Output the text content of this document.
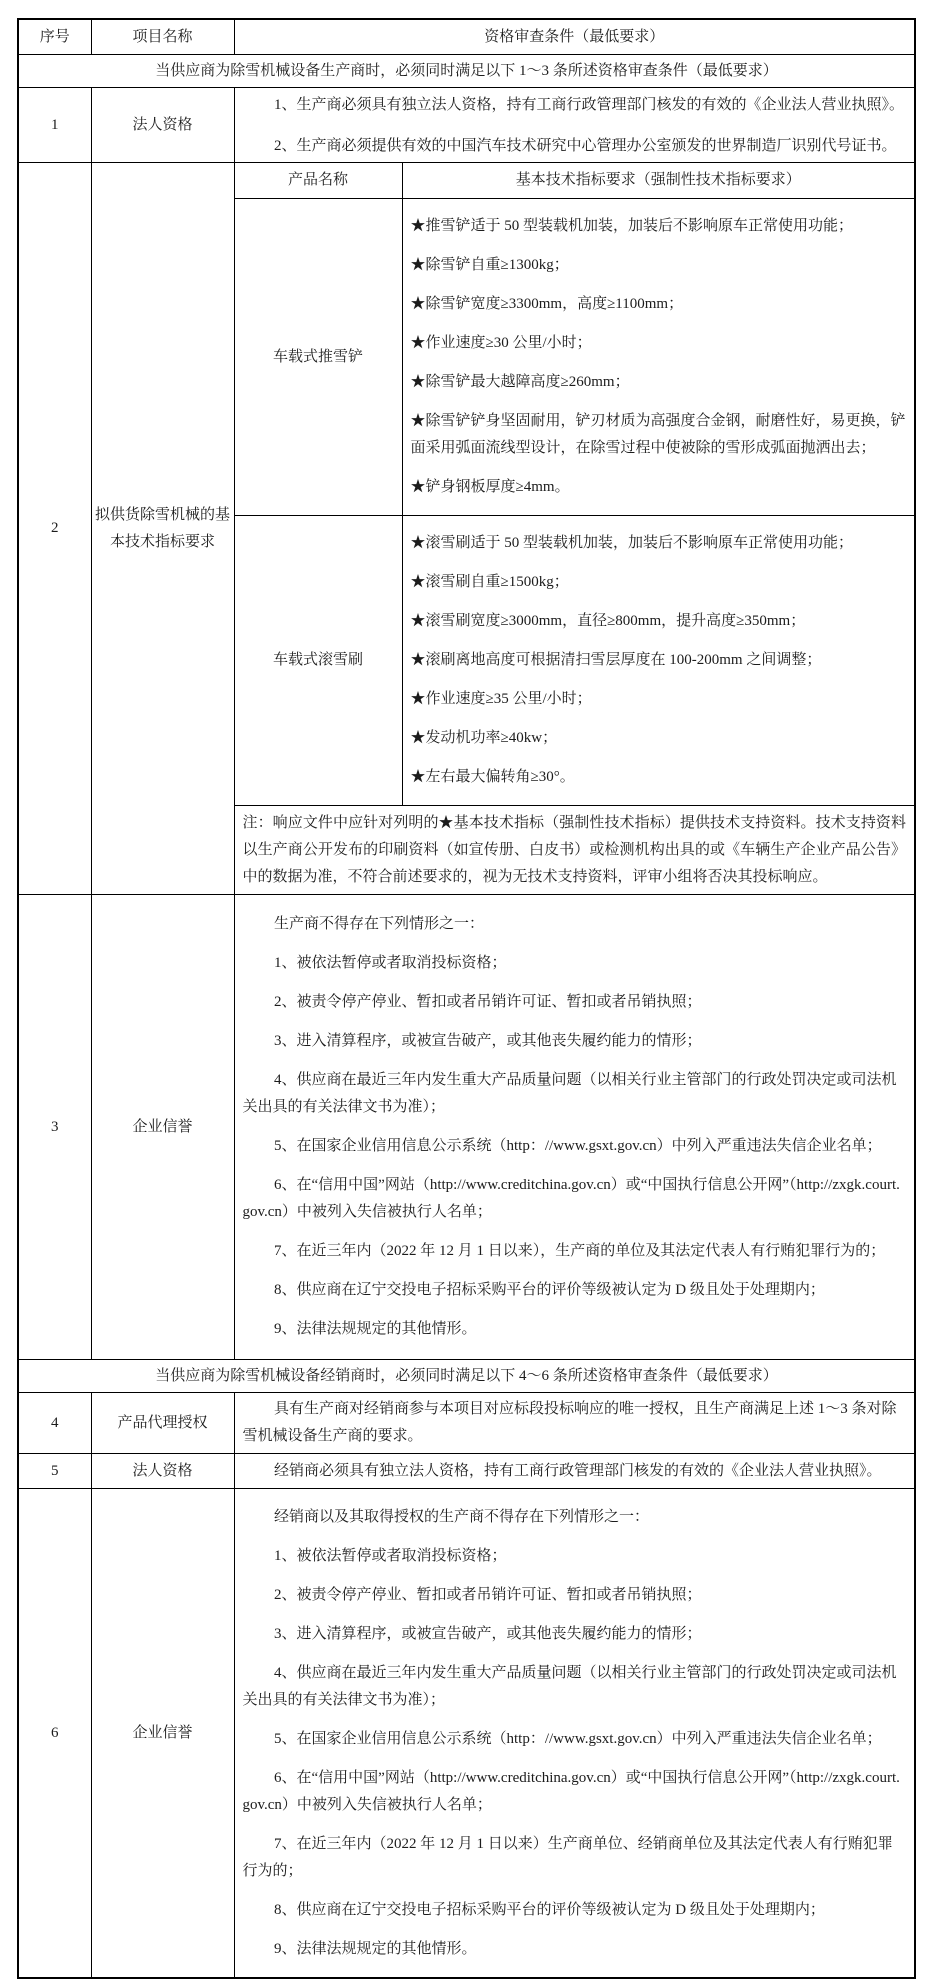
序号	项目名称	资格审查条件（最低要求）	
当供应商为除雪机械设备生产商时，必须同时满足以下 1～3 条所述资格审查条件（最低要求）			
1	法人资格	1、生产商必须具有独立法人资格，持有工商行政管理部门核发的有效的《企业法人营业执照》。

2、生产商必须提供有效的中国汽车技术研究中心管理办公室颁发的世界制造厂识别代号证书。	

2	拟供货除雪机械的基本技术指标要求	产品名称	基本技术指标要求（强制性技术指标要求）
车载式推雪铲	

★推雪铲适于 50 型装载机加装，加装后不影响原车正常使用功能；

★除雪铲自重≥1300kg；

★除雪铲宽度≥3300mm，高度≥1100mm；

★作业速度≥30 公里/小时；

★除雪铲最大越障高度≥260mm；

★除雪铲铲身坚固耐用，铲刃材质为高强度合金钢，耐磨性好，易更换，铲面采用弧面流线型设计，在除雪过程中使被除的雪形成弧面抛洒出去；

★铲身钢板厚度≥4mm。

车载式滚雪刷	

★滚雪刷适于 50 型装载机加装，加装后不影响原车正常使用功能；

★滚雪刷自重≥1500kg；

★滚雪刷宽度≥3000mm，直径≥800mm，提升高度≥350mm；

★滚刷离地高度可根据清扫雪层厚度在 100-200mm 之间调整；

★作业速度≥35 公里/小时；

★发动机功率≥40kw；

★左右最大偏转角≥30°。

		注：响应文件中应针对列明的★基本技术指标（强制性技术指标）提供技术支持资料。技术支持资料以生产商公开发布的印刷资料（如宣传册、白皮书）或检测机构出具的或《车辆生产企业产品公告》中的数据为准，不符合前述要求的，视为无技术支持资料，评审小组将否决其投标响应。	
3	企业信誉	

生产商不得存在下列情形之一：

1、被依法暂停或者取消投标资格；

2、被责令停产停业、暂扣或者吊销许可证、暂扣或者吊销执照；

3、进入清算程序，或被宣告破产，或其他丧失履约能力的情形；

4、供应商在最近三年内发生重大产品质量问题（以相关行业主管部门的行政处罚决定或司法机关出具的有关法律文书为准）；

5、在国家企业信用信息公示系统（http：//www.gsxt.gov.cn）中列入严重违法失信企业名单；

6、在“信用中国”网站（http://www.creditchina.gov.cn）或“中国执行信息公开网”（http://zxgk.court.gov.cn）中被列入失信被执行人名单；

7、在近三年内（2022 年 12 月 1 日以来），生产商的单位及其法定代表人有行贿犯罪行为的；

8、供应商在辽宁交投电子招标采购平台的评价等级被认定为 D 级且处于处理期内；

9、法律法规规定的其他情形。

当供应商为除雪机械设备经销商时，必须同时满足以下 4～6 条所述资格审查条件（最低要求）			
4	产品代理授权	具有生产商对经销商参与本项目对应标段投标响应的唯一授权，且生产商满足上述 1～3 条对除雪机械设备生产商的要求。	

5	法人资格	经销商必须具有独立法人资格，持有工商行政管理部门核发的有效的《企业法人营业执照》。	

6	企业信誉	

经销商以及其取得授权的生产商不得存在下列情形之一：

1、被依法暂停或者取消投标资格；

2、被责令停产停业、暂扣或者吊销许可证、暂扣或者吊销执照；

3、进入清算程序，或被宣告破产，或其他丧失履约能力的情形；

4、供应商在最近三年内发生重大产品质量问题（以相关行业主管部门的行政处罚决定或司法机关出具的有关法律文书为准）；

5、在国家企业信用信息公示系统（http：//www.gsxt.gov.cn）中列入严重违法失信企业名单；

6、在“信用中国”网站（http://www.creditchina.gov.cn）或“中国执行信息公开网”（http://zxgk.court.gov.cn）中被列入失信被执行人名单；

7、在近三年内（2022 年 12 月 1 日以来）生产商单位、经销商单位及其法定代表人有行贿犯罪行为的；

8、供应商在辽宁交投电子招标采购平台的评价等级被认定为 D 级且处于处理期内；

9、法律法规规定的其他情形。
